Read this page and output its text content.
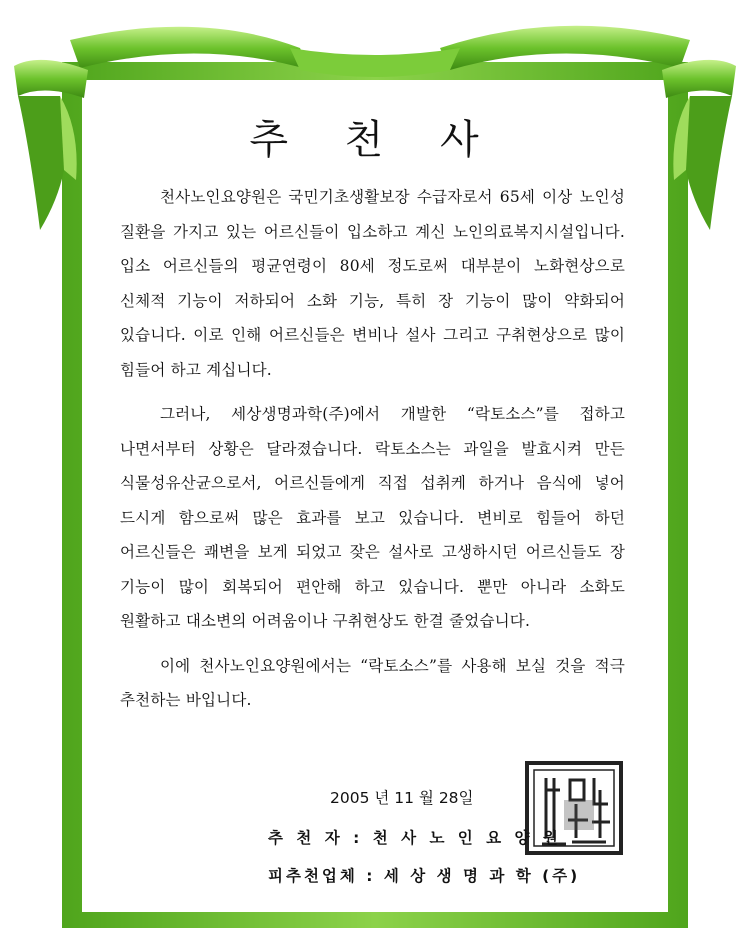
추 천 사

천사노인요양원은 국민기초생활보장 수급자로서 65세 이상 노인성 질환을 가지고 있는 어르신들이 입소하고 계신 노인의료복지시설입니다. 입소 어르신들의 평균연령이 80세 정도로써 대부분이 노화현상으로 신체적 기능이 저하되어 소화 기능, 특히 장 기능이 많이 약화되어 있습니다. 이로 인해 어르신들은 변비나 설사 그리고 구취현상으로 많이 힘들어 하고 계십니다.

그러나, 세상생명과학(주)에서 개발한 “락토소스”를 접하고 나면서부터 상황은 달라졌습니다. 락토소스는 과일을 발효시켜 만든 식물성유산균으로서, 어르신들에게 직접 섭취케 하거나 음식에 넣어 드시게 함으로써 많은 효과를 보고 있습니다. 변비로 힘들어 하던 어르신들은 쾌변을 보게 되었고 잦은 설사로 고생하시던 어르신들도 장 기능이 많이 회복되어 편안해 하고 있습니다. 뿐만 아니라 소화도 원활하고 대소변의 어려움이나 구취현상도 한결 줄었습니다.

이에 천사노인요양원에서는 “락토소스”를 사용해 보실 것을 적극 추천하는 바입니다.

2005 년 11 월 28일
추 천 자 : 천 사 노 인 요 양 원
피추천업체 : 세 상 생 명 과 학 (주)
